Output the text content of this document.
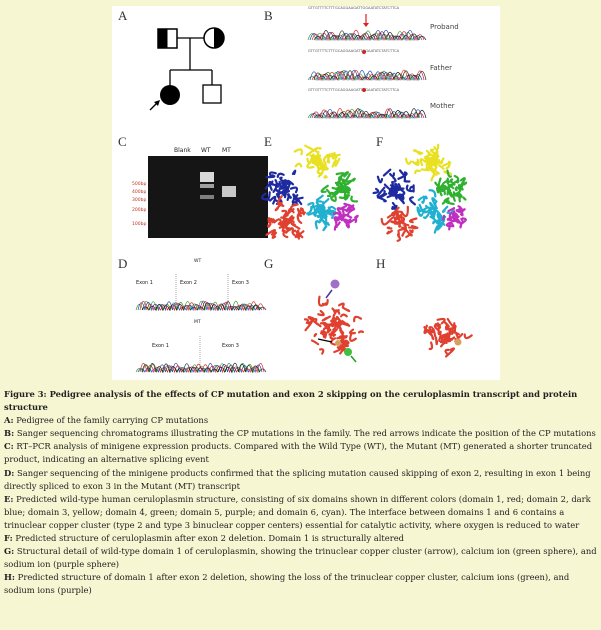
A	B
C	E	F
D	G	H
Proband
Father
Mother
GTTGTTTTCTTTGCAGGAAGATTGGAATATCTATCTTCA
GTTGTTTTCTTTGCAGGAAGATTGGAATATCTATCTTCA
GTTGTTTTCTTTGCAGGAAGATTGGAATATCTATCTTCA
Blank WT MT
500bp
400bp
300bp
200bp
100bp
WT
Exon 1	Exon 2	Exon 3
MT
Exon 1	Exon 3

Figure 3: Pedigree analysis of the effects of CP mutation and exon 2 skipping on the ceruloplasmin transcript and protein structure

A: Pedigree of the family carrying CP mutations

B: Sanger sequencing chromatograms illustrating the CP mutations in the family. The red arrows indicate the position of the CP mutations

C: RT–PCR analysis of minigene expression products. Compared with the Wild Type (WT), the Mutant (MT) generated a shorter truncated product, indicating an alternative splicing event

D: Sanger sequencing of the minigene products confirmed that the splicing mutation caused skipping of exon 2, resulting in exon 1 being directly spliced to exon 3 in the Mutant (MT) transcript

E: Predicted wild-type human ceruloplasmin structure, consisting of six domains shown in different colors (domain 1, red; domain 2, dark blue; domain 3, yellow; domain 4, green; domain 5, purple; and domain 6, cyan). The interface between domains 1 and 6 contains a trinuclear copper cluster (type 2 and type 3 binuclear copper centers) essential for catalytic activity, where oxygen is reduced to water

F: Predicted structure of ceruloplasmin after exon 2 deletion. Domain 1 is structurally altered

G: Structural detail of wild-type domain 1 of ceruloplasmin, showing the trinuclear copper cluster (arrow), calcium ion (green sphere), and sodium ion (purple sphere)

H: Predicted structure of domain 1 after exon 2 deletion, showing the loss of the trinuclear copper cluster, calcium ions (green), and sodium ions (purple)
